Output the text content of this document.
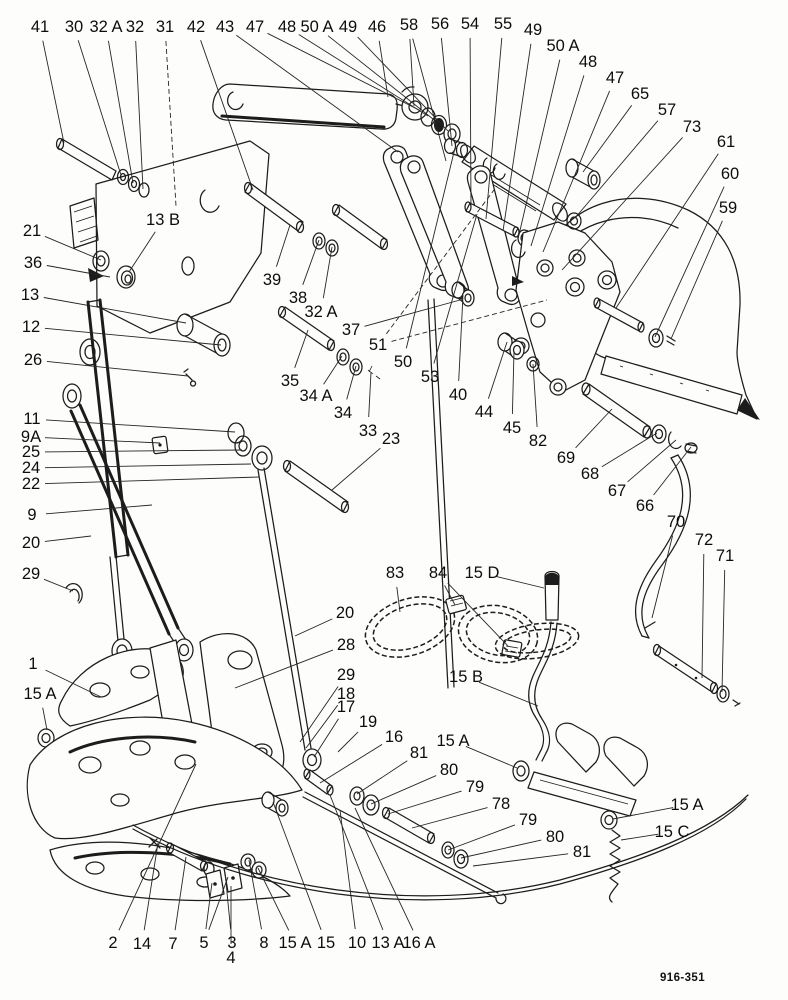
41 30 32 A 32 31 42 43 47 48 50 A 49 46 58 56 54 55 49
50 A
48
47
65
57
73
61
60
59
21
36
13
12
26
11
9A
25
24
22
9
20
29
1
15 A
13 B
39
38
32 A
37
51
50
35
34 A
34
33 23
53
40
44
45
82
69
68
67
66
70
72
71
20
28
29
18
17
19
16
81
80
79
78
79
80
81
83 84 15 D
15 B
15 A
15 A
15 C
2 14 7 5 3
4
8 15 A 15 10 13 A
16 A
916-351
